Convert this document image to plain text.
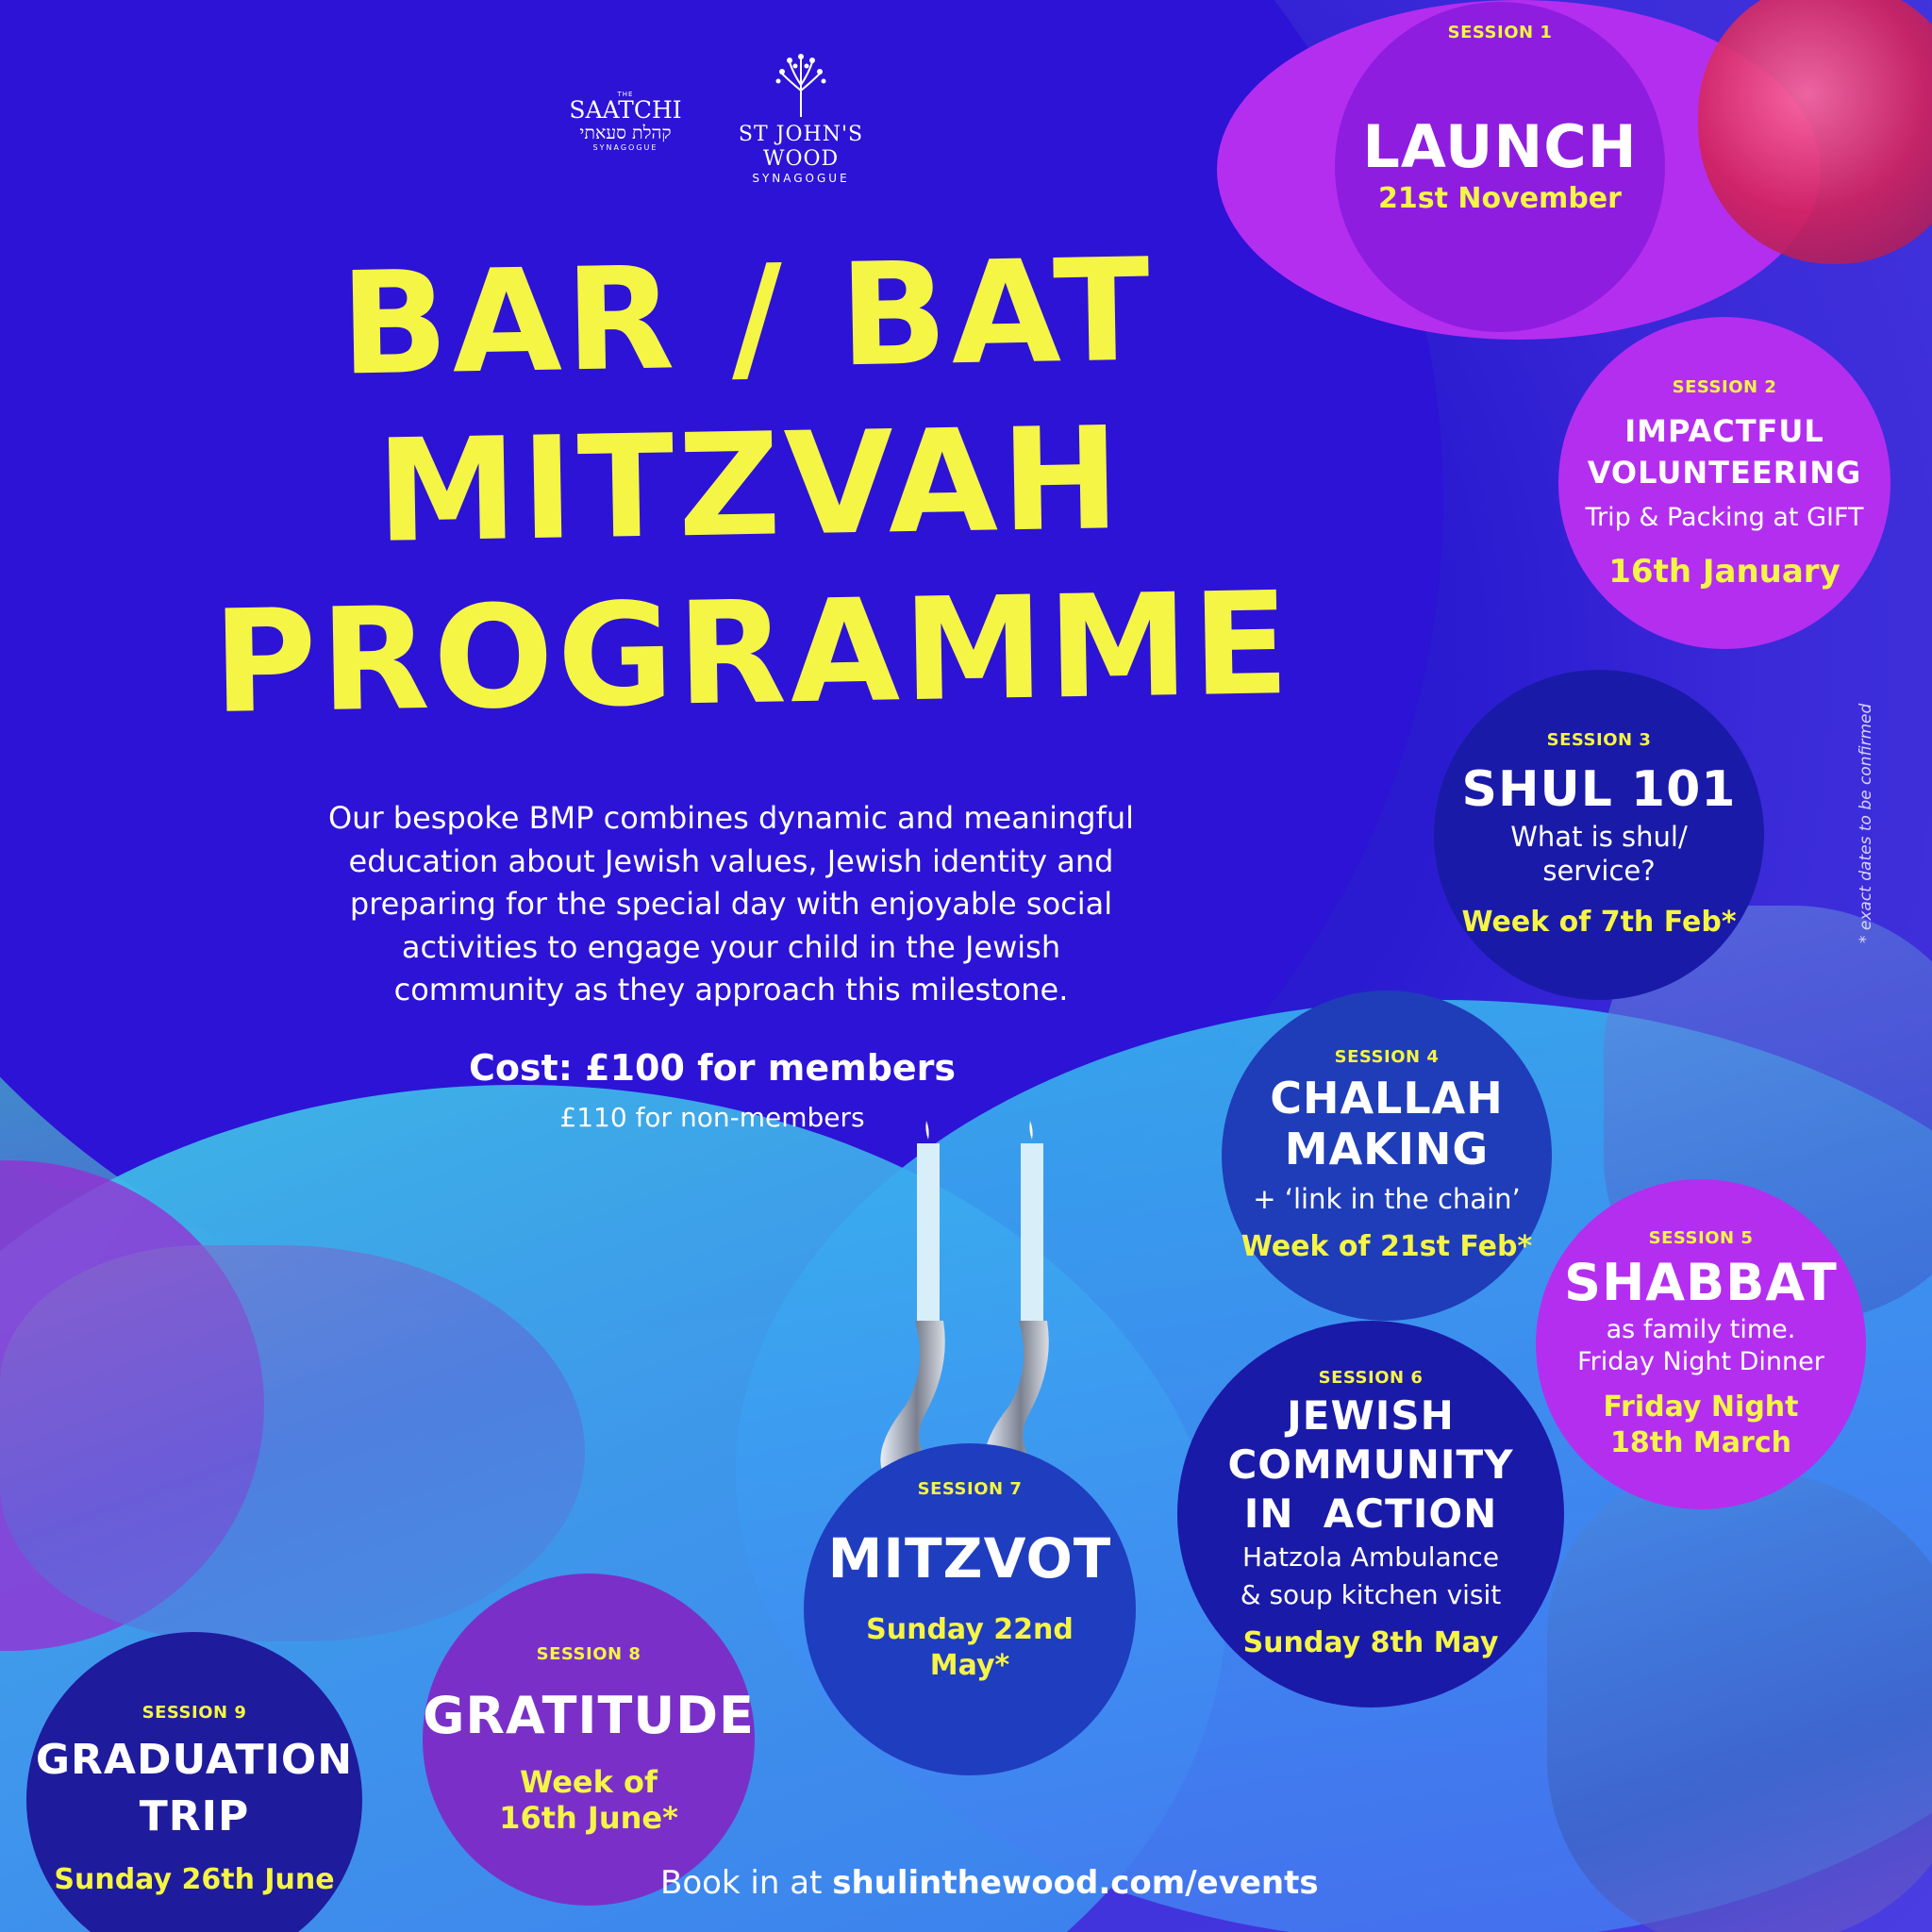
THE
SAATCHI
קהלת סעאתי
SYNAGOGUE
ST JOHN'S WOOD
SYNAGOGUE
BAR / BAT
MITZVAH
PROGRAMME
Our bespoke BMP combines dynamic and meaningful
education about Jewish values, Jewish identity and
preparing for the special day with enjoyable social
activities to engage your child in the Jewish
community as they approach this milestone.
Cost: £100 for members
£110 for non-members
SESSION 1
LAUNCH
21st November
SESSION 2
IMPACTFUL
VOLUNTEERING
Trip & Packing at GIFT
16th January
SESSION 3
SHUL 101
What is shul/ service?
Week of 7th Feb*
SESSION 4
CHALLAH
MAKING
+ ‘link in the chain’
Week of 21st Feb*	SESSION 5
SHABBAT
as family time.
Friday Night Dinner
Friday Night
18th March
SESSION 6
JEWISH
COMMUNITY
IN  ACTION
Hatzola Ambulance
& soup kitchen visit
Sunday 8th May
SESSION 7
MITZVOT
Sunday 22nd May*
SESSION 8
GRATITUDE
Week of
16th June*
SESSION 9
GRADUATION
TRIP
Sunday 26th June
* exact dates to be confirmed
Book in at shulinthewood.com/events
